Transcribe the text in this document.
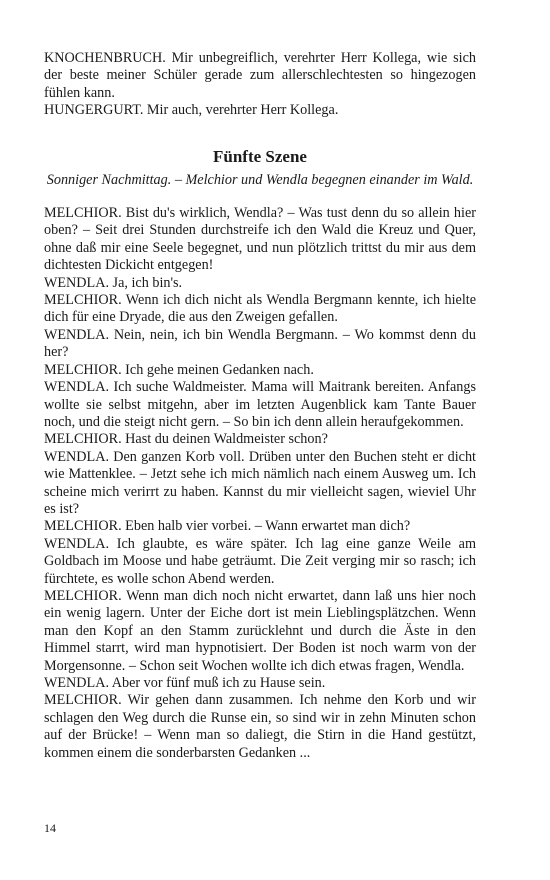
KNOCHENBRUCH. Mir unbegreiflich, verehrter Herr Kollega, wie sich der beste meiner Schüler gerade zum allerschlechtesten so hingezogen fühlen kann.

HUNGERGURT. Mir auch, verehrter Herr Kollega.

Fünfte Szene

Sonniger Nachmittag. – Melchior und Wendla begegnen einander im Wald.

MELCHIOR. Bist du's wirklich, Wendla? – Was tust denn du so allein hier oben? – Seit drei Stunden durchstreife ich den Wald die Kreuz und Quer, ohne daß mir eine Seele begegnet, und nun plötzlich trittst du mir aus dem dichtesten Dickicht entgegen!

WENDLA. Ja, ich bin's.

MELCHIOR. Wenn ich dich nicht als Wendla Bergmann kennte, ich hielte dich für eine Dryade, die aus den Zweigen gefallen.

WENDLA. Nein, nein, ich bin Wendla Bergmann. – Wo kommst denn du her?

MELCHIOR. Ich gehe meinen Gedanken nach.

WENDLA. Ich suche Waldmeister. Mama will Maitrank bereiten. Anfangs wollte sie selbst mitgehn, aber im letzten Augenblick kam Tante Bauer noch, und die steigt nicht gern. – So bin ich denn allein heraufgekommen.

MELCHIOR. Hast du deinen Waldmeister schon?

WENDLA. Den ganzen Korb voll. Drüben unter den Buchen steht er dicht wie Mattenklee. – Jetzt sehe ich mich nämlich nach einem Ausweg um. Ich scheine mich verirrt zu haben. Kannst du mir vielleicht sagen, wieviel Uhr es ist?

MELCHIOR. Eben halb vier vorbei. – Wann erwartet man dich?

WENDLA. Ich glaubte, es wäre später. Ich lag eine ganze Weile am Goldbach im Moose und habe geträumt. Die Zeit verging mir so rasch; ich fürchtete, es wolle schon Abend werden.

MELCHIOR. Wenn man dich noch nicht erwartet, dann laß uns hier noch ein wenig lagern. Unter der Eiche dort ist mein Lieblingsplätzchen. Wenn man den Kopf an den Stamm zurücklehnt und durch die Äste in den Himmel starrt, wird man hypnotisiert. Der Boden ist noch warm von der Morgensonne. – Schon seit Wochen wollte ich dich etwas fragen, Wendla.

WENDLA. Aber vor fünf muß ich zu Hause sein.

MELCHIOR. Wir gehen dann zusammen. Ich nehme den Korb und wir schlagen den Weg durch die Runse ein, so sind wir in zehn Minuten schon auf der Brücke! – Wenn man so daliegt, die Stirn in die Hand gestützt, kommen einem die sonderbarsten Gedanken ...

14
